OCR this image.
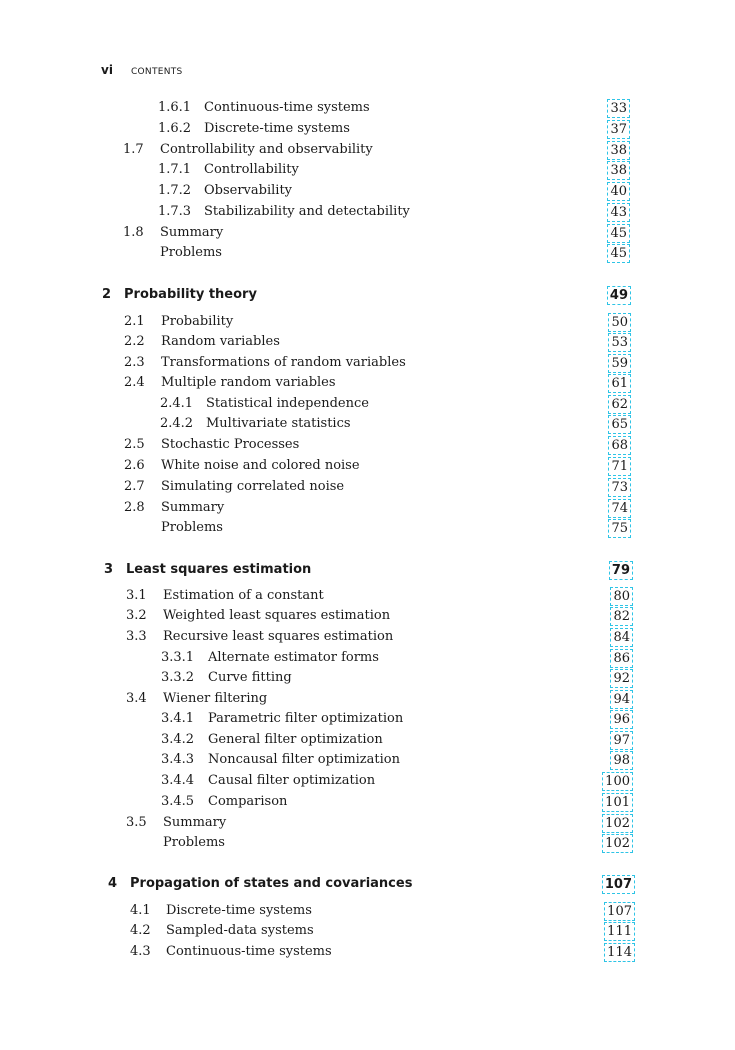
vi CONTENTS
1.6.1 Continuous-time systems	33
1.6.2 Discrete-time systems	37
1.7 Controllability and observability	38
1.7.1 Controllability	38
1.7.2 Observability	40
1.7.3 Stabilizability and detectability	43
1.8 Summary	45
Problems	45
2 Probability theory	49
2.1 Probability	50
2.2 Random variables	53
2.3 Transformations of random variables	59
2.4 Multiple random variables	61
2.4.1 Statistical independence	62
2.4.2 Multivariate statistics	65
2.5 Stochastic Processes	68
2.6 White noise and colored noise	71
2.7 Simulating correlated noise	73
2.8 Summary	74
Problems	75
3 Least squares estimation	79
3.1 Estimation of a constant	80
3.2 Weighted least squares estimation	82
3.3 Recursive least squares estimation	84
3.3.1 Alternate estimator forms	86
3.3.2 Curve fitting	92
3.4 Wiener filtering	94
3.4.1 Parametric filter optimization	96
3.4.2 General filter optimization	97
3.4.3 Noncausal filter optimization	98
3.4.4 Causal filter optimization	100
3.4.5 Comparison	101
3.5 Summary	102
Problems	102
4 Propagation of states and covariances	107
4.1 Discrete-time systems	107
4.2 Sampled-data systems	111
4.3 Continuous-time systems	114
